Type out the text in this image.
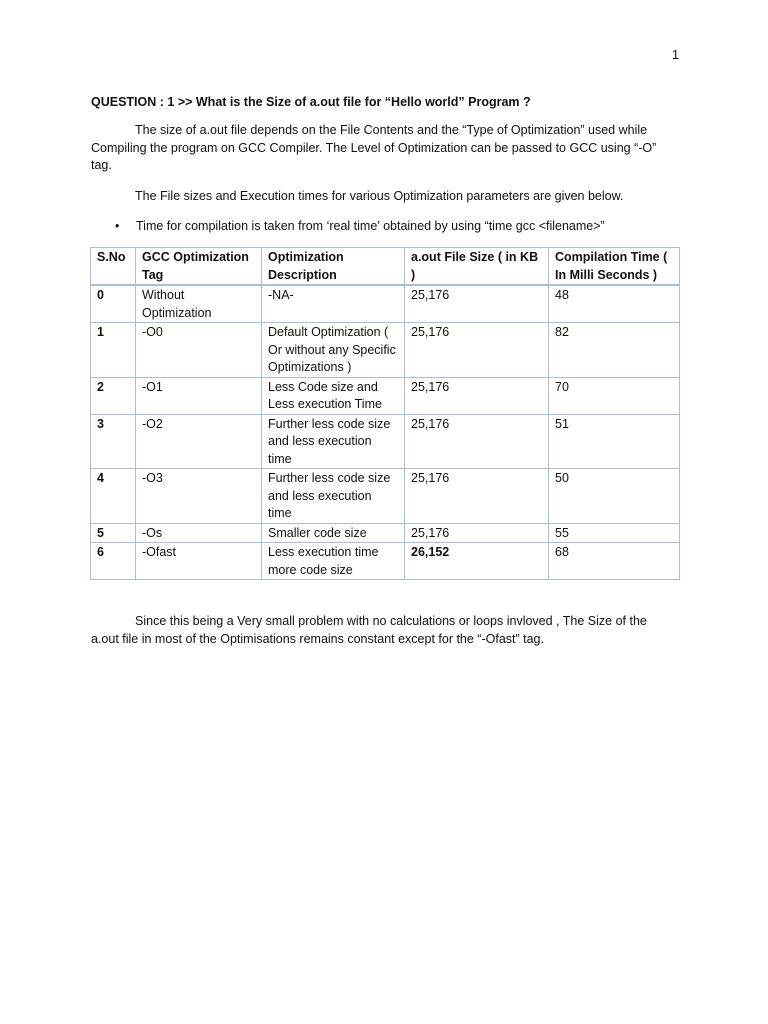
1
QUESTION : 1 >> What is the Size of a.out file for “Hello world” Program ?
The size of a.out file depends on the File Contents and the “Type of Optimization” used while Compiling the program on GCC Compiler. The Level of Optimization can be passed to GCC using “-O” tag.
The File sizes and Execution times for various Optimization parameters are given below.
• Time for compilation is taken from ‘real time’ obtained by using “time gcc <filename>”
S.No	GCC Optimization Tag	Optimization Description	a.out File Size ( in KB )	Compilation Time ( In Milli Seconds )
0	Without Optimization	-NA-	25,176	48
1	-O0	Default Optimization ( Or without any Specific Optimizations )	25,176	82
2	-O1	Less Code size and Less execution Time	25,176	70
3	-O2	Further less code size and less execution time	25,176	51
4	-O3	Further less code size and less execution time	25,176	50
5	-Os	Smaller code size	25,176	55
6	-Ofast	Less execution time more code size	26,152	68
Since this being a Very small problem with no calculations or loops invloved , The Size of the a.out file in most of the Optimisations remains constant except for the “-Ofast” tag.
